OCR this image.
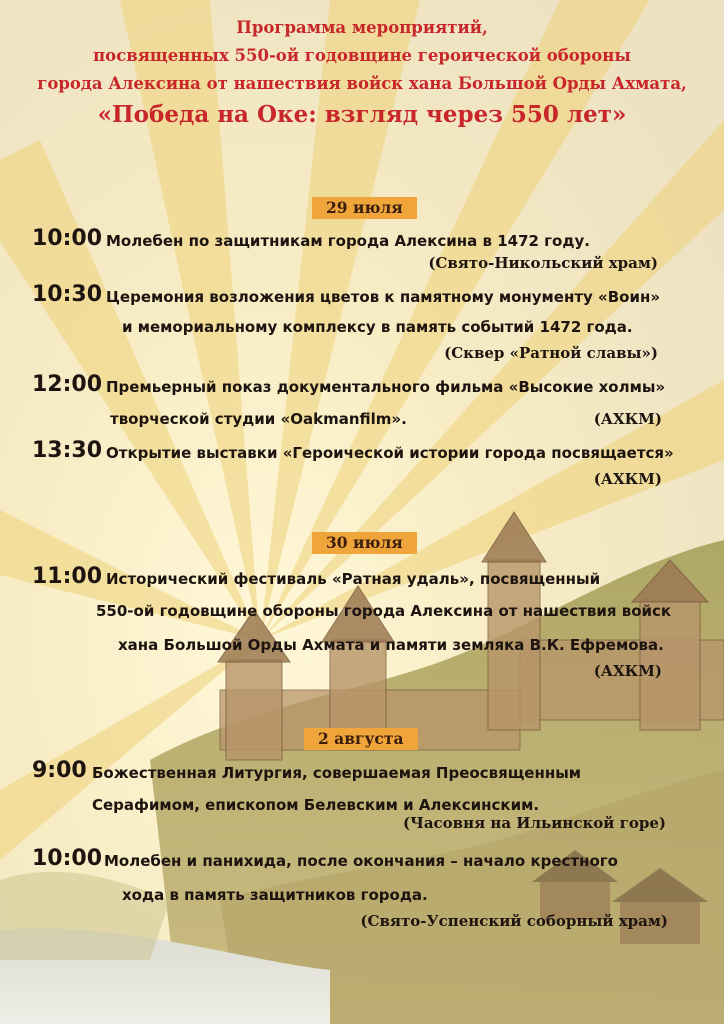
Программа мероприятий,
посвященных 550-ой годовщине героической обороны
города Алексина от нашествия войск хана Большой Орды Ахмата,
«Победа на Оке: взгляд через 550 лет»
29 июля
10:00 Молебен по защитникам города Алексина в 1472 году.
(Свято-Никольский храм)
10:30 Церемония возложения цветов к памятному монументу «Воин»
и мемориальному комплексу в память событий 1472 года.
(Сквер «Ратной славы»)
12:00 Премьерный показ документального фильма «Высокие холмы»
творческой студии «Oakmanfilm».	(АХКМ)
13:30 Открытие выставки «Героической истории города посвящается»
(АХКМ)
30 июля
11:00 Исторический фестиваль «Ратная удаль», посвященный
550-ой годовщине обороны города Алексина от нашествия войск
хана Большой Орды Ахмата и памяти земляка В.К. Ефремова.
(АХКМ)
2 августа
9:00 Божественная Литургия, совершаемая Преосвященным
Серафимом, епископом Белевским и Алексинским.
(Часовня на Ильинской горе)
10:00 Молебен и панихида, после окончания – начало крестного
хода в память защитников города.
(Свято-Успенский соборный храм)
